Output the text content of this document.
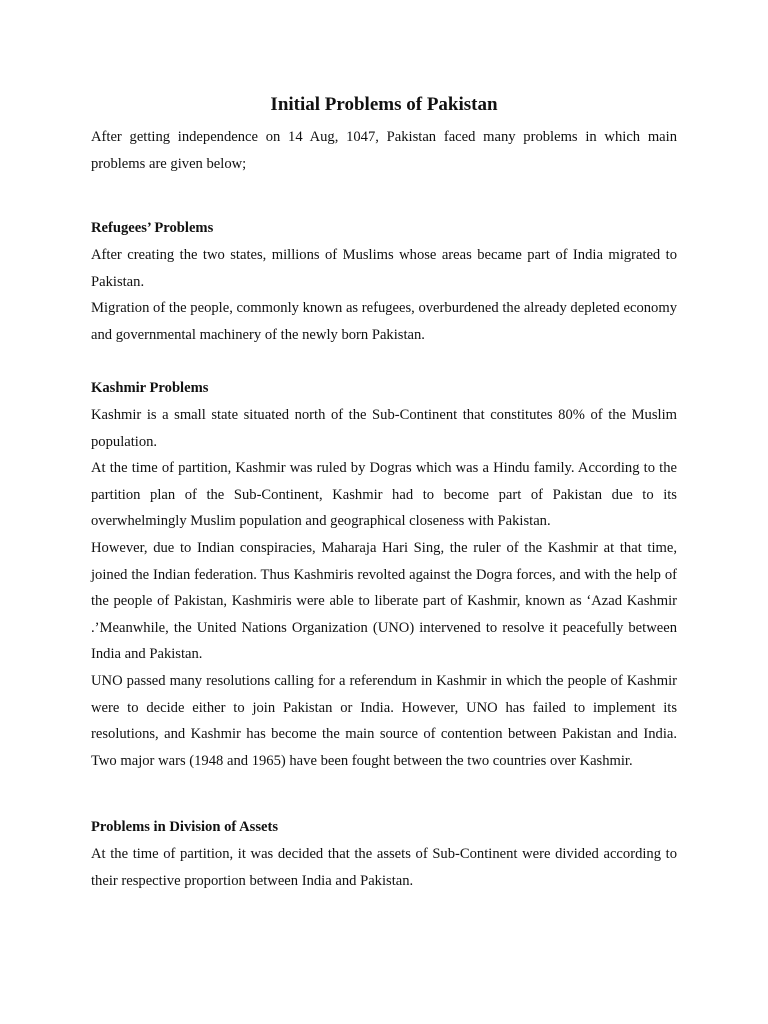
Initial Problems of Pakistan

After getting independence on 14 Aug, 1047, Pakistan faced many problems in which main problems are given below;

Refugees’ Problems

After creating the two states, millions of Muslims whose areas became part of India migrated to Pakistan.

Migration of the people, commonly known as refugees, overburdened the already depleted economy and governmental machinery of the newly born Pakistan.

Kashmir Problems

Kashmir is a small state situated north of the Sub-Continent that constitutes 80% of the Muslim population.

At the time of partition, Kashmir was ruled by Dogras which was a Hindu family. According to the partition plan of the Sub-Continent, Kashmir had to become part of Pakistan due to its overwhelmingly Muslim population and geographical closeness with Pakistan.

However, due to Indian conspiracies, Maharaja Hari Sing, the ruler of the Kashmir at that time, joined the Indian federation. Thus Kashmiris revolted against the Dogra forces, and with the help of the people of Pakistan, Kashmiris were able to liberate part of Kashmir, known as ‘Azad Kashmir .’Meanwhile, the United Nations Organization (UNO) intervened to resolve it peacefully between India and Pakistan.

UNO passed many resolutions calling for a referendum in Kashmir in which the people of Kashmir were to decide either to join Pakistan or India. However, UNO has failed to implement its resolutions, and Kashmir has become the main source of contention between Pakistan and India. Two major wars (1948 and 1965) have been fought between the two countries over Kashmir.

Problems in Division of Assets

At the time of partition, it was decided that the assets of Sub-Continent were divided according to their respective proportion between India and Pakistan.
